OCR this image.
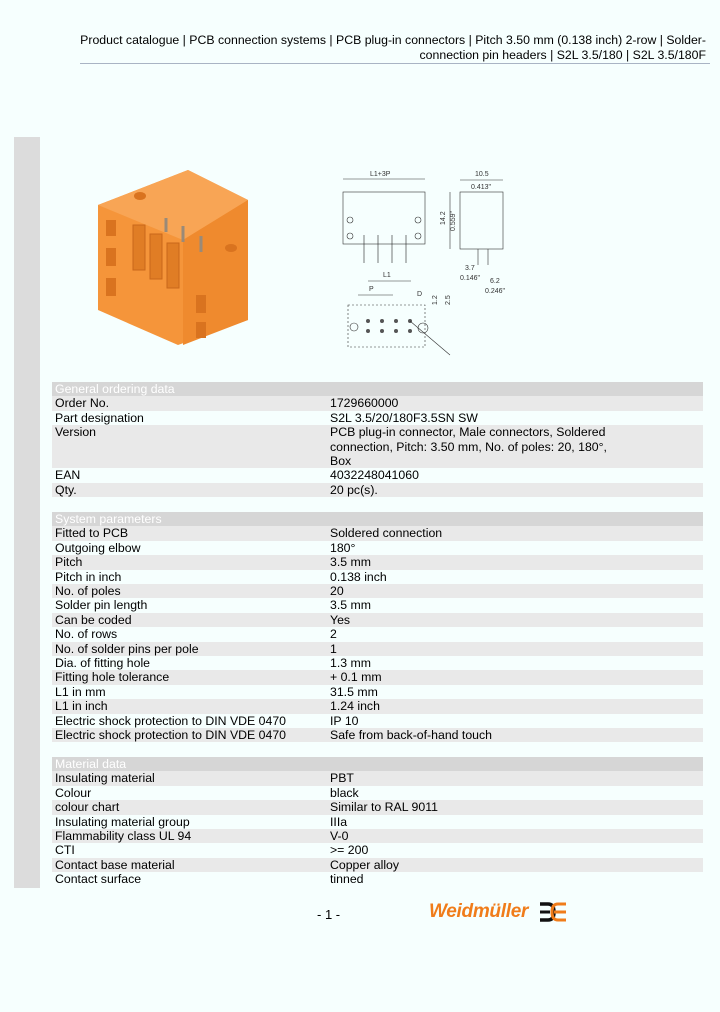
Product catalogue | PCB connection systems | PCB plug-in connectors | Pitch 3.50 mm (0.138 inch) 2-row | Solder-connection pin headers | S2L 3.5/180 | S2L 3.5/180F
L1+3P	10.5
0.413"
14.2 0.559"
3.7
0.146" 6.2
0.246"
L1
P
D
1.2 2.5
General ordering data
Order No.	1729660000
Part designation	S2L 3.5/20/180F3.5SN SW
Version	PCB plug-in connector, Male connectors, Soldered connection, Pitch: 3.50 mm, No. of poles: 20, 180°, Box
EAN	4032248041060
Qty.	20 pc(s).
System parameters
Fitted to PCB	Soldered connection
Outgoing elbow	180°
Pitch	3.5 mm
Pitch in inch	0.138 inch
No. of poles	20
Solder pin length	3.5 mm
Can be coded	Yes
No. of rows	2
No. of solder pins per pole	1
Dia. of fitting hole	1.3 mm
Fitting hole tolerance	+ 0.1 mm
L1 in mm	31.5 mm
L1 in inch	1.24 inch
Electric shock protection to DIN VDE 0470	IP 10
Electric shock protection to DIN VDE 0470	Safe from back-of-hand touch
Material data
Insulating material	PBT
Colour	black
colour chart	Similar to RAL 9011
Insulating material group	IIIa
Flammability class UL 94	V-0
CTI	>= 200
Contact base material	Copper alloy
Contact surface	tinned
- 1 -	Weidmüller
